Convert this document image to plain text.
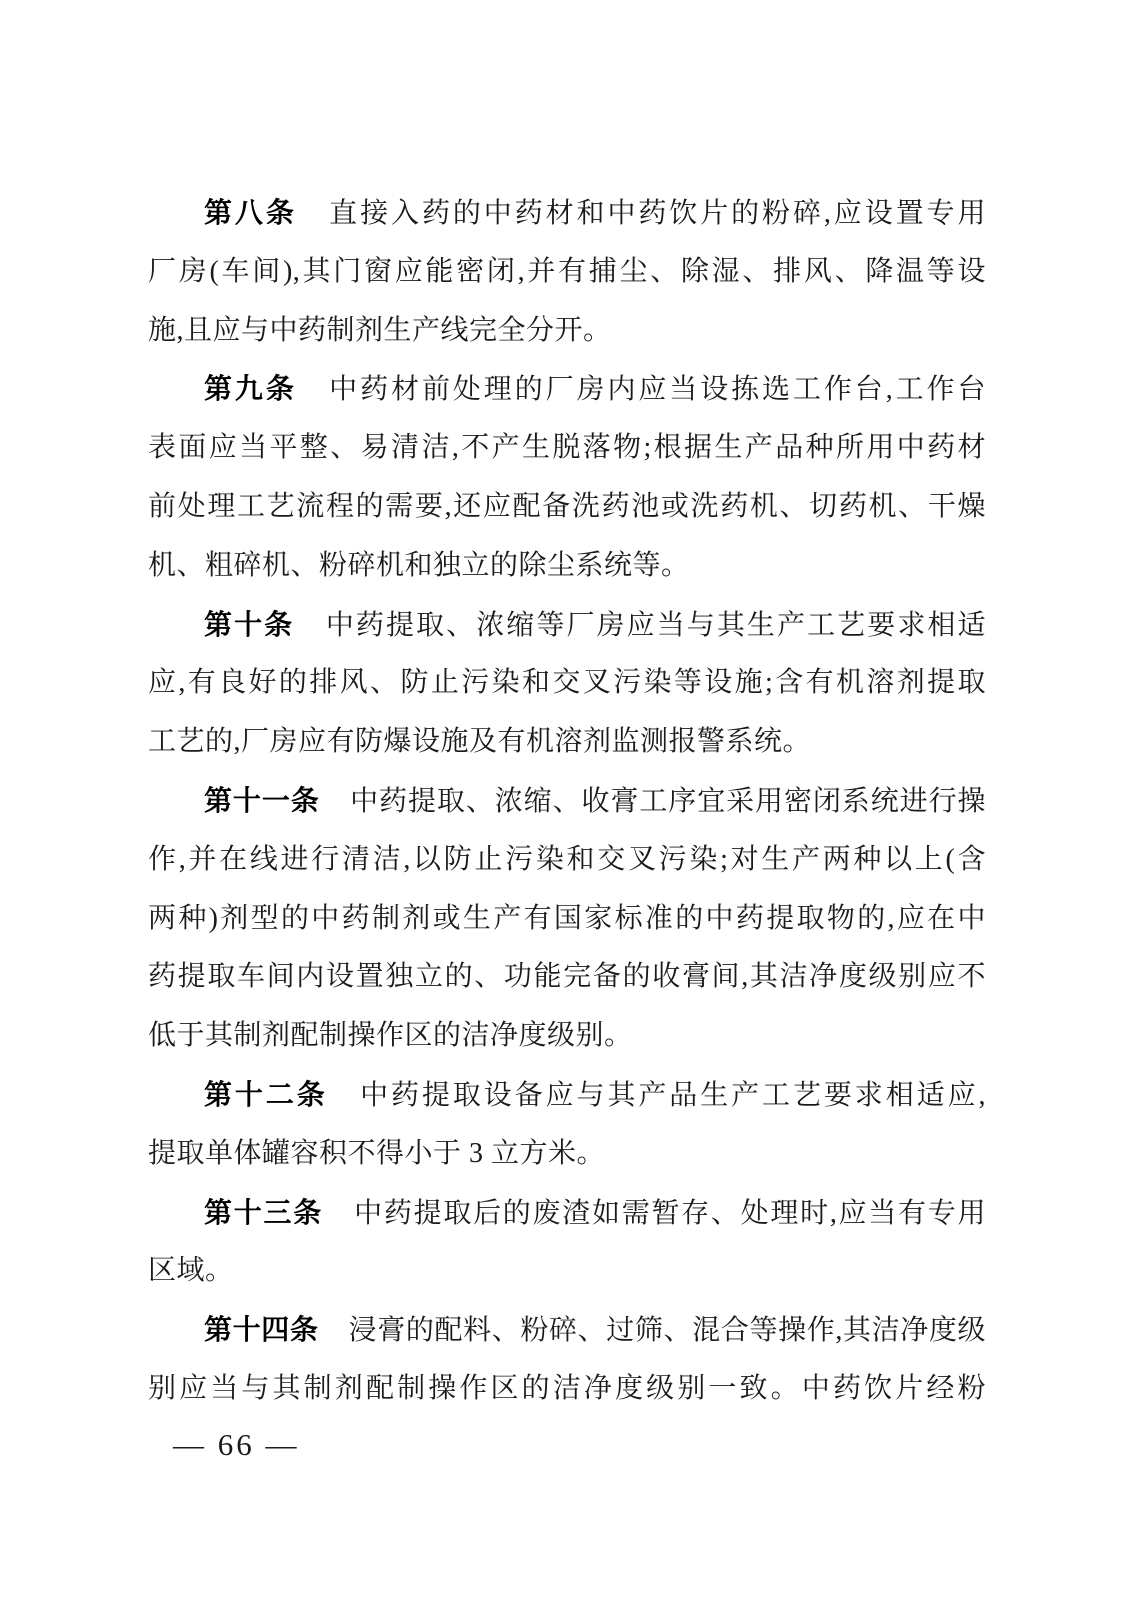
第八条 直接入药的中药材和中药饮片的粉碎,应设置专用
厂房(车间),其门窗应能密闭,并有捕尘、除湿、排风、降温等设
施,且应与中药制剂生产线完全分开。
第九条 中药材前处理的厂房内应当设拣选工作台,工作台
表面应当平整、易清洁,不产生脱落物;根据生产品种所用中药材
前处理工艺流程的需要,还应配备洗药池或洗药机、切药机、干燥
机、粗碎机、粉碎机和独立的除尘系统等。
第十条 中药提取、浓缩等厂房应当与其生产工艺要求相适
应,有良好的排风、防止污染和交叉污染等设施;含有机溶剂提取
工艺的,厂房应有防爆设施及有机溶剂监测报警系统。
第十一条 中药提取、浓缩、收膏工序宜采用密闭系统进行操
作,并在线进行清洁,以防止污染和交叉污染;对生产两种以上(含
两种)剂型的中药制剂或生产有国家标准的中药提取物的,应在中
药提取车间内设置独立的、功能完备的收膏间,其洁净度级别应不
低于其制剂配制操作区的洁净度级别。
第十二条 中药提取设备应与其产品生产工艺要求相适应,
提取单体罐容积不得小于 3 立方米。
第十三条 中药提取后的废渣如需暂存、处理时,应当有专用
区域。
第十四条 浸膏的配料、粉碎、过筛、混合等操作,其洁净度级
别应当与其制剂配制操作区的洁净度级别一致。中药饮片经粉
— 66 —
